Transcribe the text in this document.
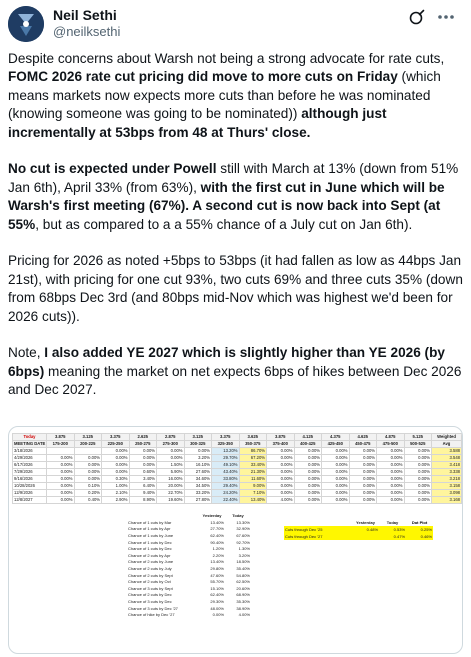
Neil Sethi
@neilksethi

Despite concerns about Warsh not being a strong advocate for rate cuts, FOMC 2026 rate cut pricing did move to more cuts on Friday (which means markets now expects more cuts than before he was nominated (knowing someone was going to be nominated)) although just incrementally at 53bps from 48 at Thurs' close.

No cut is expected under Powell still with March at 13% (down from 51% Jan 6th), April 33% (from 63%), with the first cut in June which will be Warsh's first meeting (67%). A second cut is now back into Sept (at 55%, but as compared to a a 55% chance of a July cut on Jan 6th).

Pricing for 2026 as noted +5bps to 53bps (it had fallen as low as 44bps Jan 21st), with pricing for one cut 93%, two cuts 69% and three cuts 35% (down from 68bps Dec 3rd (and 80bps mid-Nov which was highest we'd been for 2026 cuts)).

Note, I also added YE 2027 which is slightly higher than YE 2026 (by 6bps) meaning the market on net expects 6bps of hikes between Dec 2026 and Dec 2027.

Today	3.875	3.125	3.375	2.625	2.875	3.125	3.375	3.625	3.875	4.125	4.375	4.625	4.875	5.125	Weighted
MEETING DATE	175-200	200-225	225-250	250-275	275-300	300-325	325-350	350-375	375-400	400-425	425-450	450-475	475-500	500-525	Avg
3/18/2026			0.00%	0.00%	0.00%	0.00%	13.20%	86.70%	0.00%	0.00%	0.00%	0.00%	0.00%	0.00%	3.588
4/29/2026	0.00%	0.00%	0.00%	0.00%	0.00%	3.20%	29.70%	67.20%	0.00%	0.00%	0.00%	0.00%	0.00%	0.00%	3.548
6/17/2026	0.00%	0.00%	0.00%	0.00%	1.50%	16.10%	49.10%	33.40%	0.00%	0.00%	0.00%	0.00%	0.00%	0.00%	3.418
7/29/2026	0.00%	0.00%	0.00%	0.60%	5.90%	27.60%	43.40%	21.30%	0.00%	0.00%	0.00%	0.00%	0.00%	0.00%	3.338
9/16/2026	0.00%	0.00%	0.30%	3.40%	16.00%	34.60%	33.80%	11.60%	0.00%	0.00%	0.00%	0.00%	0.00%	0.00%	3.218
10/28/2026	0.00%	0.10%	1.00%	6.40%	20.00%	34.50%	29.40%	9.00%	0.00%	0.00%	0.00%	0.00%	0.00%	0.00%	3.158
12/9/2026	0.00%	0.20%	2.10%	9.40%	22.70%	33.20%	24.20%	7.10%	0.00%	0.00%	0.00%	0.00%	0.00%	0.00%	3.098
12/8/2027	0.00%	0.40%	2.90%	8.90%	19.60%	27.80%	22.40%	13.40%	4.00%	0.00%	0.00%	0.00%	0.00%	0.00%	3.168
	Yesterday	Today
Chance of 1 cuts by Mar	13.40%	13.30%
Chance of 1 cuts by Apr	27.70%	32.90%
Chance of 1 cuts by June	62.40%	67.60%
Chance of 1 cuts by Dec	90.40%	92.70%
Chance of 1 cuts by Dec	1.20%	1.30%
Chance of 2 cuts by Apr	2.20%	3.20%
Chance of 2 cuts by June	13.40%	18.50%
Chance of 2 cuts by July	29.80%	35.40%
Chance of 2 cuts by Sept	47.60%	54.80%
Chance of 2 cuts by Oct	55.70%	62.50%
Chance of 3 cuts by Sept	15.10%	20.60%
Chance of 2 cuts by Dec	62.40%	68.90%
Chance of 3 cuts by Dec	29.30%	35.30%
Chance of 3 cuts by Dec '27	48.00%	38.90%
Chance of hike by Dec '27	0.00%	4.00%
	Yesterday	Today	Dot Plot
Cuts through Dec '25	0.48%	0.53%	0.25%
Cuts through Dec '27		0.47%	0.46%
